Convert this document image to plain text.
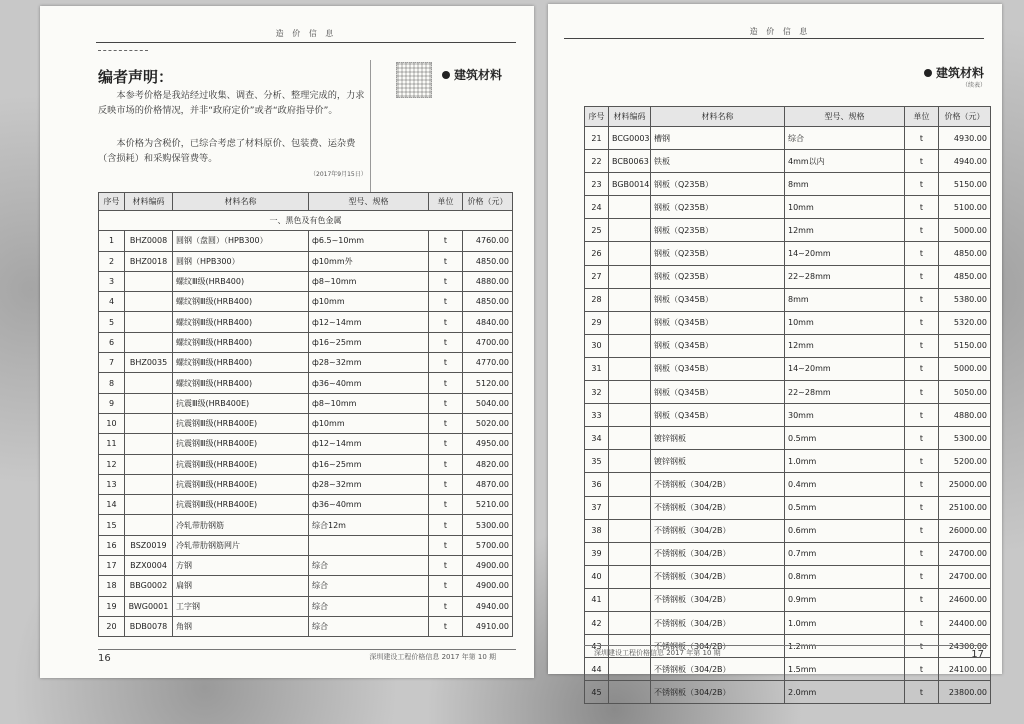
造 价 信 息
编者声明：
本参考价格是我站经过收集、调查、分析、整理完成的，力求反映市场的价格情况，并非“政府定价”或者“政府指导价”。
本价格为含税价，已综合考虑了材料原价、包装费、运杂费（含损耗）和采购保管费等。
（2017年9月15日）
建筑材料
序号	材料编码	材料名称	型号、规格	单位	价格（元）
一、黑色及有色金属					
1	BHZ0008	圆钢（盘圆）（HPB300）	ф6.5~10mm	t	4760.00
2	BHZ0018	圆钢（HPB300）	ф10mm外	t	4850.00
3		螺纹Ⅲ级(HRB400)	ф8~10mm	t	4880.00
4		螺纹钢Ⅲ级(HRB400)	ф10mm	t	4850.00
5		螺纹钢Ⅲ级(HRB400)	ф12~14mm	t	4840.00
6		螺纹钢Ⅲ级(HRB400)	ф16~25mm	t	4700.00
7	BHZ0035	螺纹钢Ⅲ级(HRB400)	ф28~32mm	t	4770.00
8		螺纹钢Ⅲ级(HRB400)	ф36~40mm	t	5120.00
9		抗震Ⅲ级(HRB400E)	ф8~10mm	t	5040.00
10		抗震钢Ⅲ级(HRB400E)	ф10mm	t	5020.00
11		抗震钢Ⅲ级(HRB400E)	ф12~14mm	t	4950.00
12		抗震钢Ⅲ级(HRB400E)	ф16~25mm	t	4820.00
13		抗震钢Ⅲ级(HRB400E)	ф28~32mm	t	4870.00
14		抗震钢Ⅲ级(HRB400E)	ф36~40mm	t	5210.00
15		冷轧带肋钢筋	综合12m	t	5300.00
16	BSZ0019	冷轧带肋钢筋网片		t	5700.00
17	BZX0004	方钢	综合	t	4900.00
18	BBG0002	扁钢	综合	t	4900.00
19	BWG0001	工字钢	综合	t	4940.00
20	BDB0078	角钢	综合	t	4910.00
16	深圳建设工程价格信息 2017 年第 10 期
造 价 信 息
建筑材料
（续表）
序号	材料编码	材料名称	型号、规格	单位	价格（元）
21	BCG0003	槽钢	综合	t	4930.00
22	BCB0063	铁板	4mm以内	t	4940.00
23	BGB0014	钢板（Q235B）	8mm	t	5150.00
24		钢板（Q235B）	10mm	t	5100.00
25		钢板（Q235B）	12mm	t	5000.00
26		钢板（Q235B）	14~20mm	t	4850.00
27		钢板（Q235B）	22~28mm	t	4850.00
28		钢板（Q345B）	8mm	t	5380.00
29		钢板（Q345B）	10mm	t	5320.00
30		钢板（Q345B）	12mm	t	5150.00
31		钢板（Q345B）	14~20mm	t	5000.00
32		钢板（Q345B）	22~28mm	t	5050.00
33		钢板（Q345B）	30mm	t	4880.00
34		镀锌钢板	0.5mm	t	5300.00
35		镀锌钢板	1.0mm	t	5200.00
36		不锈钢板（304/2B）	0.4mm	t	25000.00
37		不锈钢板（304/2B）	0.5mm	t	25100.00
38		不锈钢板（304/2B）	0.6mm	t	26000.00
39		不锈钢板（304/2B）	0.7mm	t	24700.00
40		不锈钢板（304/2B）	0.8mm	t	24700.00
41		不锈钢板（304/2B）	0.9mm	t	24600.00
42		不锈钢板（304/2B）	1.0mm	t	24400.00
43		不锈钢板（304/2B）	1.2mm	t	24300.00
44		不锈钢板（304/2B）	1.5mm	t	24100.00
45		不锈钢板（304/2B）	2.0mm	t	23800.00
深圳建设工程价格信息 2017 年第 10 期	17
